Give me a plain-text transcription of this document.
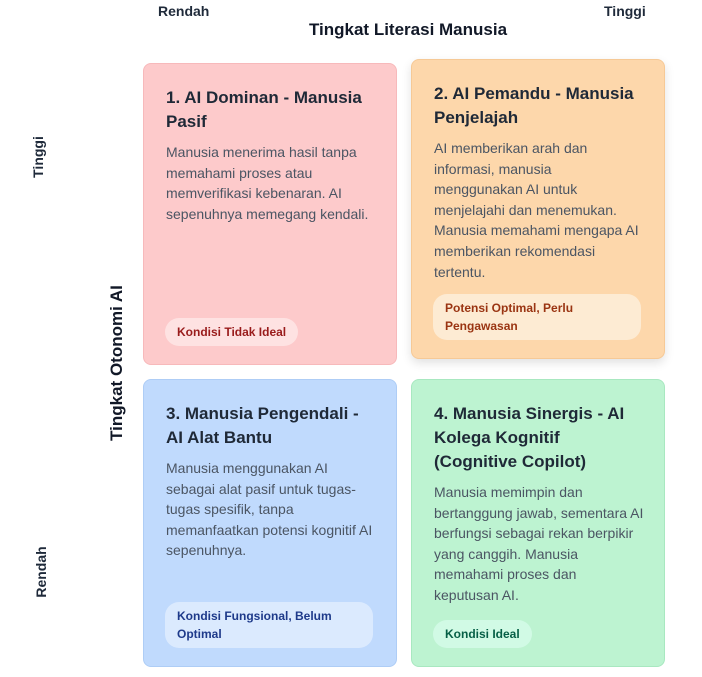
Rendah	Tinggi
Tingkat Literasi Manusia
Tinggi
Rendah
Tingkat Otonomi AI
1. AI Dominan - Manusia Pasif

Manusia menerima hasil tanpa memahami proses atau memverifikasi kebenaran. AI sepenuhnya memegang kendali.

Kondisi Tidak Ideal
2. AI Pemandu - Manusia Penjelajah

AI memberikan arah dan informasi, manusia menggunakan AI untuk menjelajahi dan menemukan. Manusia memahami mengapa AI memberikan rekomendasi tertentu.

Potensi Optimal, Perlu Pengawasan
3. Manusia Pengendali - AI Alat Bantu

Manusia menggunakan AI sebagai alat pasif untuk tugas-tugas spesifik, tanpa memanfaatkan potensi kognitif AI sepenuhnya.

Kondisi Fungsional, Belum Optimal
4. Manusia Sinergis - AI Kolega Kognitif (Cognitive Copilot)

Manusia memimpin dan bertanggung jawab, sementara AI berfungsi sebagai rekan berpikir yang canggih. Manusia memahami proses dan keputusan AI.

Kondisi Ideal
